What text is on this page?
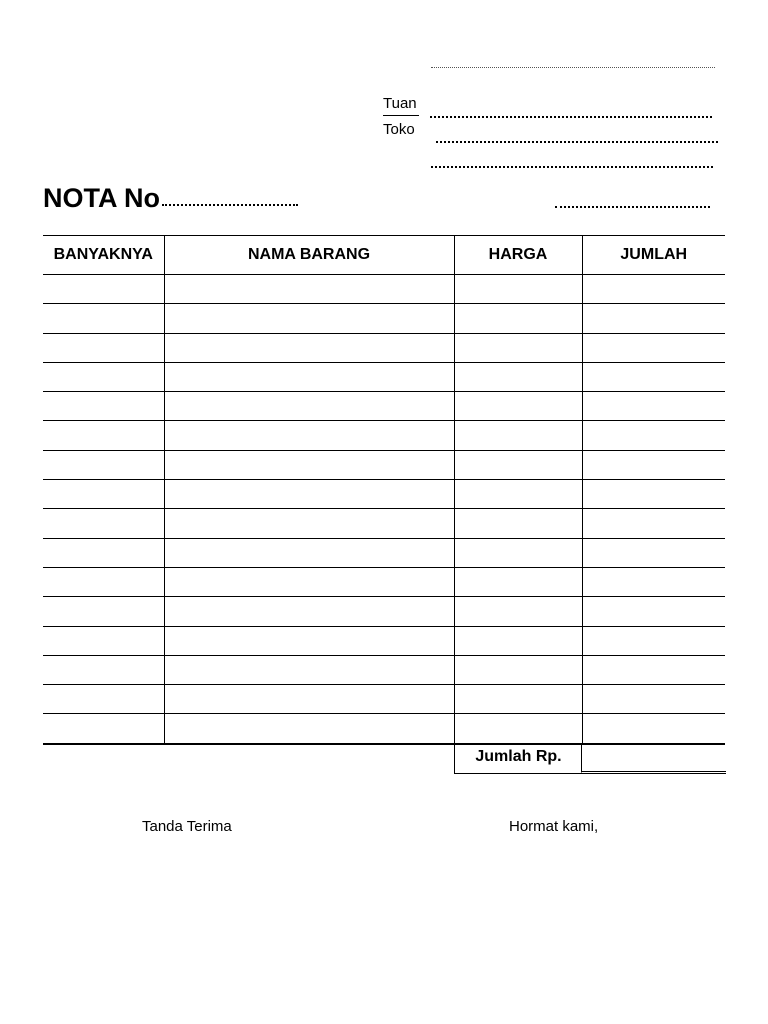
Tuan
Toko
NOTA No
BANYAKNYA	NAMA BARANG	HARGA	JUMLAH

Jumlah Rp.
Tanda Terima	Hormat kami,
